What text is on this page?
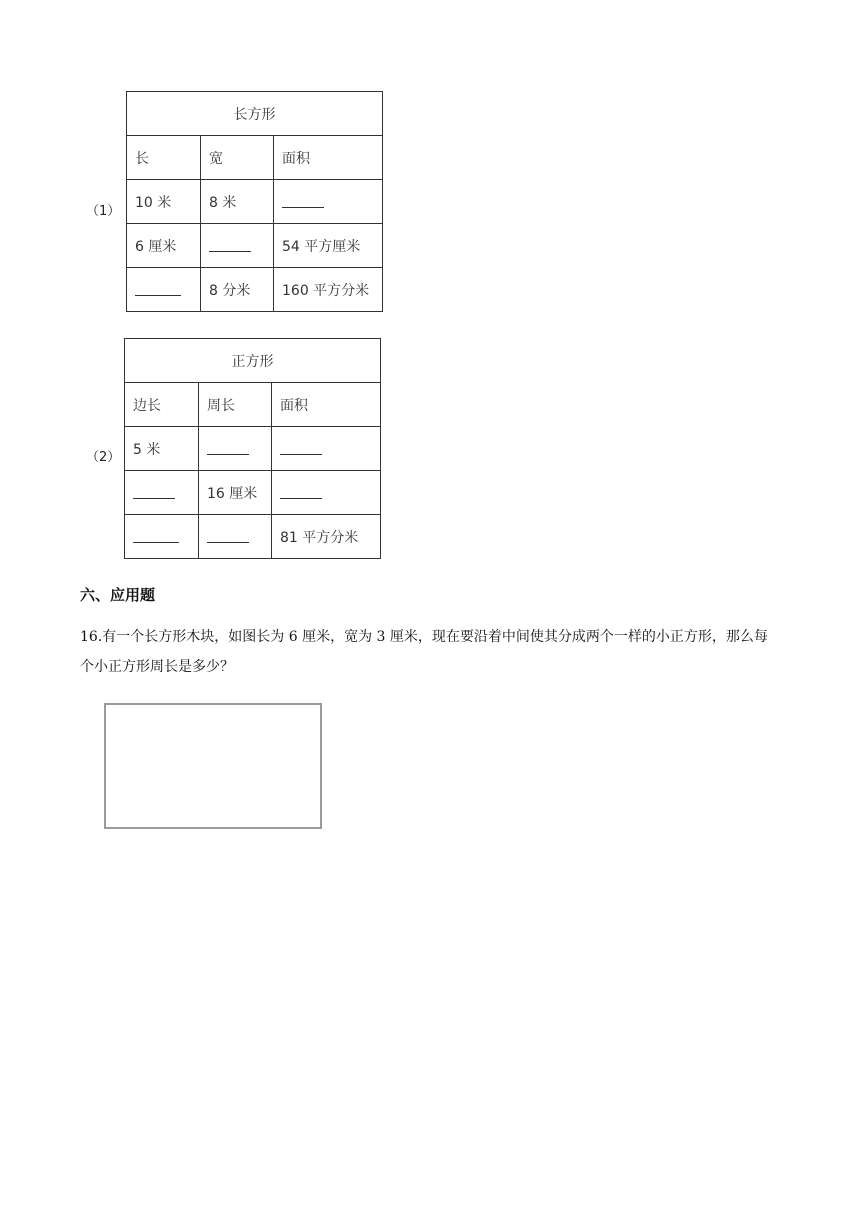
（1）
长方形		
长	宽	面积
10 米	8 米	
6 厘米		54 平方厘米
	8 分米	160 平方分米
（2）
正方形		
边长	周长	面积
5 米		
	16 厘米	
		81 平方分米
六、应用题

16.有一个长方形木块，如图长为 6 厘米，宽为 3 厘米，现在要沿着中间使其分成两个一样的小正方形，那么每个小正方形周长是多少？
